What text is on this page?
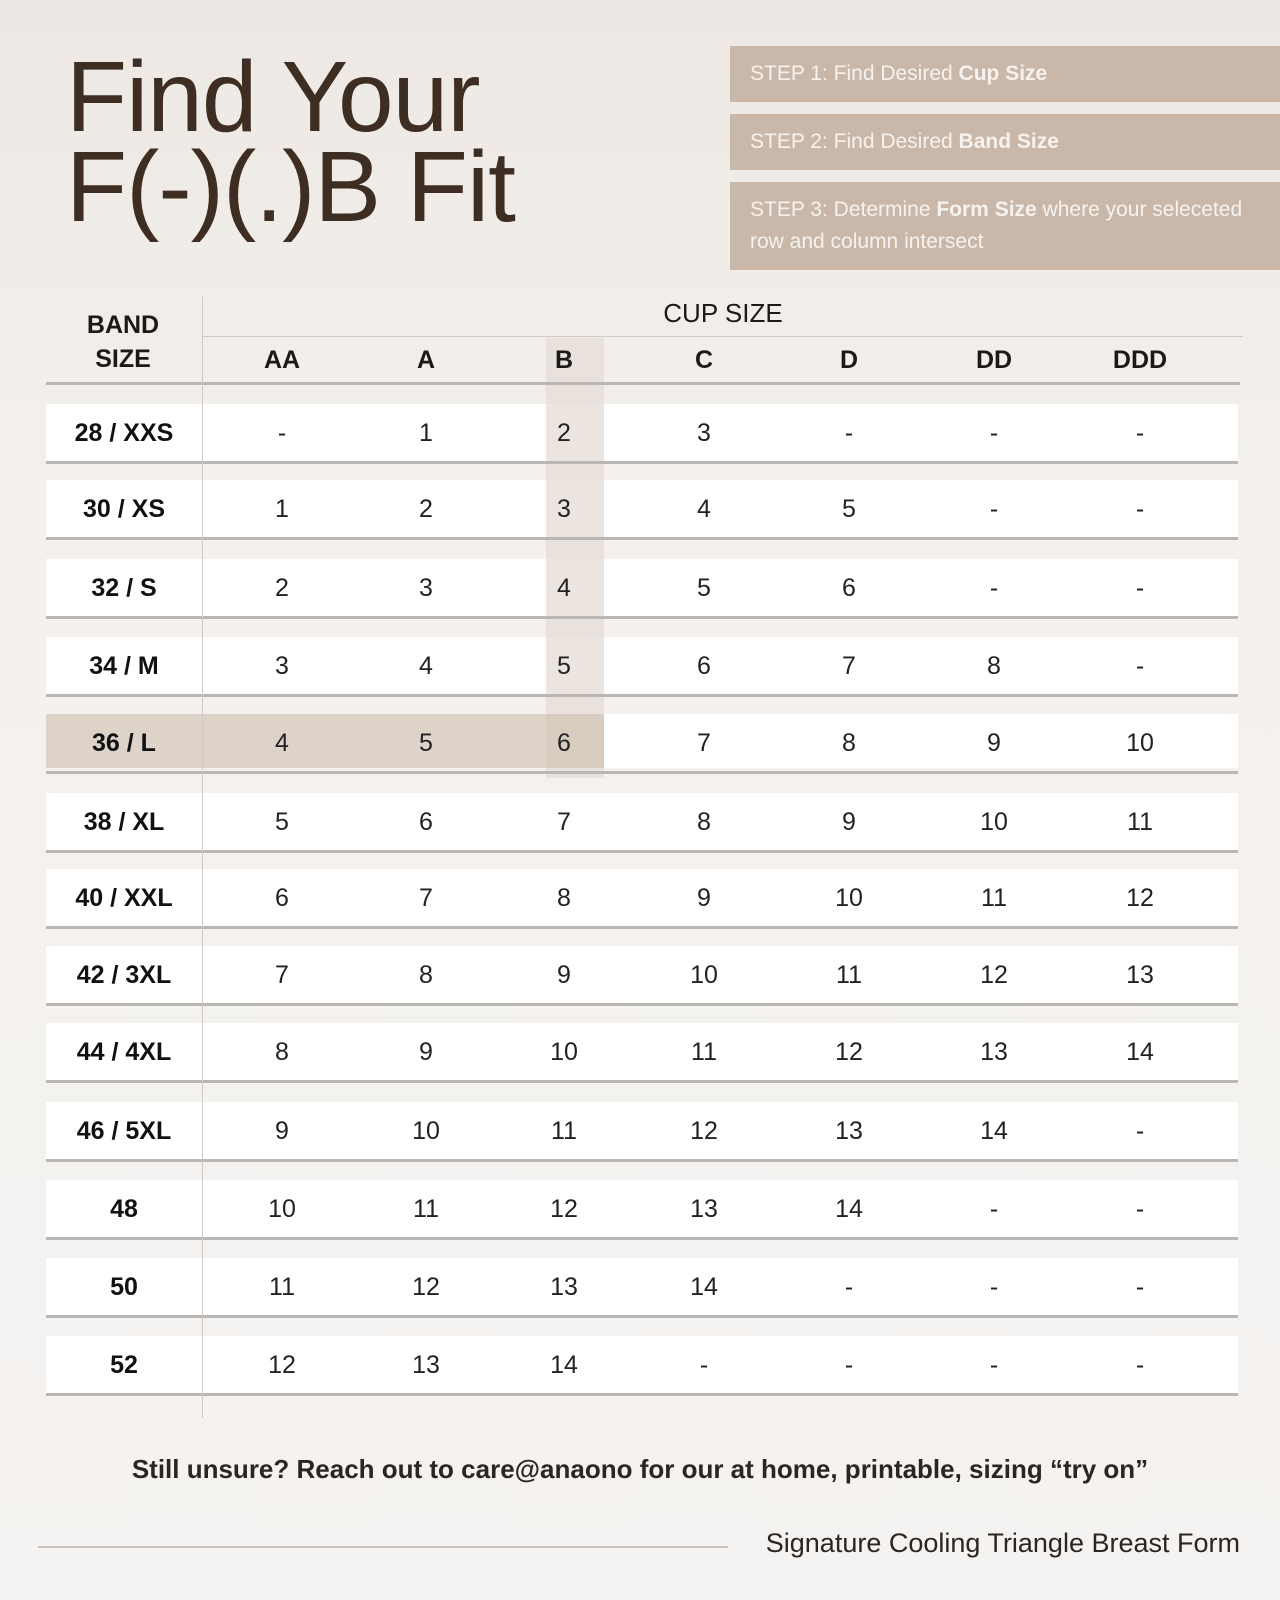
Find Your
F(-)(.)B Fit
STEP 1: Find Desired Cup Size
STEP 2: Find Desired Band Size
STEP 3: Determine Form Size where your seleceted row and column intersect
BAND
SIZE
CUP SIZE
AA	A	B	C	D	DD	DDD
28 / XXS	-	1	2	3	-	-	-
30 / XS	1	2	3	4	5	-	-
32 / S	2	3	4	5	6	-	-
34 / M	3	4	5	6	7	8	-
36 / L	4	5	6	7	8	9	10
38 / XL	5	6	7	8	9	10	11
40 / XXL	6	7	8	9	10	11	12
42 / 3XL	7	8	9	10	11	12	13
44 / 4XL	8	9	10	11	12	13	14
46 / 5XL	9	10	11	12	13	14	-
48	10	11	12	13	14	-	-
50	11	12	13	14	-	-	-
52	12	13	14	-	-	-	-
Still unsure? Reach out to care@anaono for our at home, printable, sizing “try on”
Signature Cooling Triangle Breast Form
